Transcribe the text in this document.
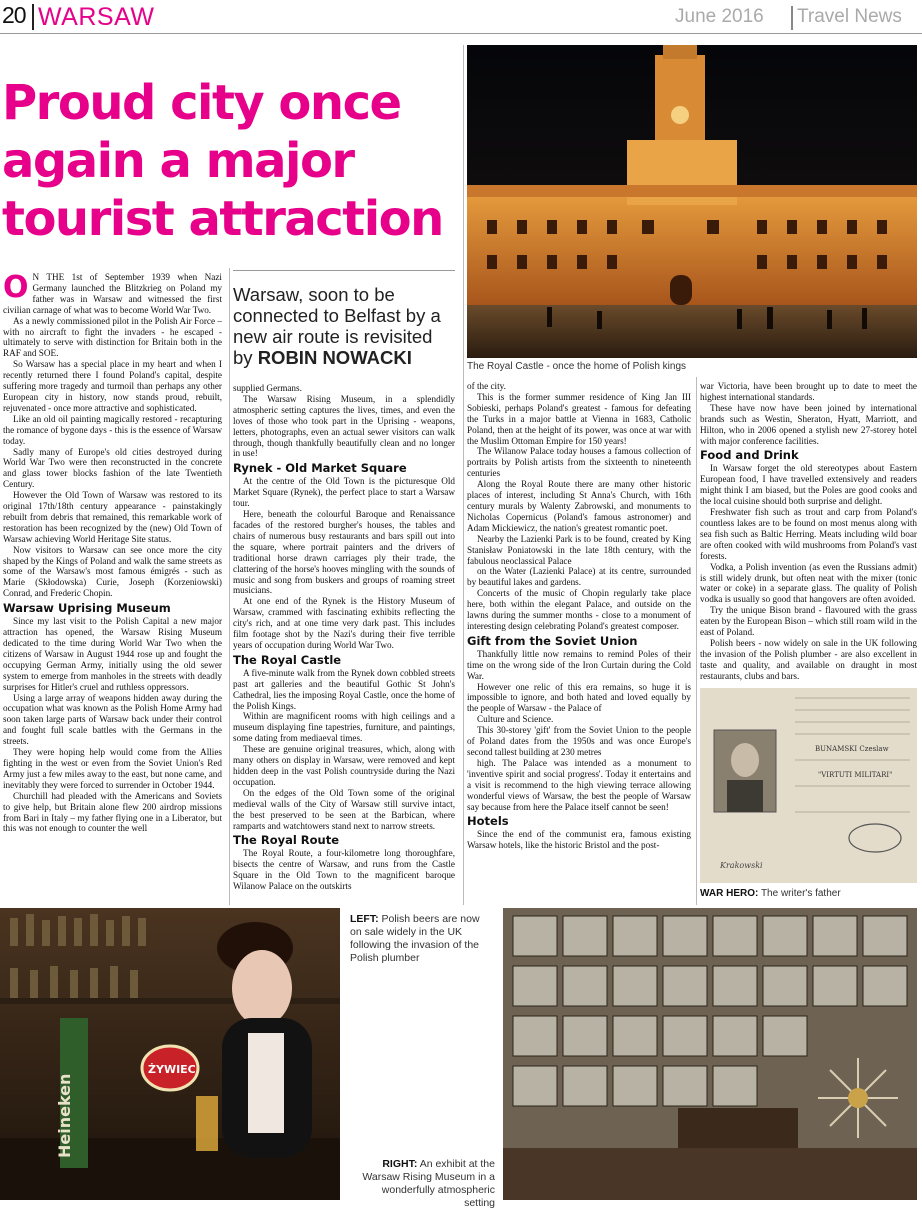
20 WARSAW	June 2016 Travel News
Proud city once again a major tourist attraction
The Royal Castle - once the home of Polish kings
Warsaw, soon to be connected to Belfast by a new air route is revisited by ROBIN NOWACKI

O N THE 1st of September 1939 when Nazi Germany launched the Blitzkrieg on Poland my father was in Warsaw and witnessed the first civilian carnage of what was to become World War Two.

As a newly commissioned pilot in the Polish Air Force – with no aircraft to fight the invaders - he escaped - ultimately to serve with distinction for Britain both in the RAF and SOE.

So Warsaw has a special place in my heart and when I recently returned there I found Poland's capital, despite suffering more tragedy and turmoil than perhaps any other European city in history, now stands proud, rebuilt, rejuvenated - once more attractive and sophisticated.

Like an old oil painting magically restored - recapturing the romance of bygone days - this is the essence of Warsaw today.

Sadly many of Europe's old cities destroyed during World War Two were then reconstructed in the concrete and glass tower blocks fashion of the late Twentieth Century.

However the Old Town of Warsaw was restored to its original 17th/18th century appearance - painstakingly rebuilt from debris that remained, this remarkable work of restoration has been recognized by the (new) Old Town of Warsaw achieving World Heritage Site status.

Now visitors to Warsaw can see once more the city shaped by the Kings of Poland and walk the same streets as some of the Warsaw's most famous émigrés - such as Marie (Skłodowska) Curie, Joseph (Korzeniowski) Conrad, and Frederic Chopin.

Warsaw Uprising Museum

Since my last visit to the Polish Capital a new major attraction has opened, the Warsaw Rising Museum dedicated to the time during World War Two when the citizens of Warsaw in August 1944 rose up and fought the occupying German Army, initially using the old sewer system to emerge from manholes in the streets with deadly surprises for Hitler's cruel and ruthless oppressors.

Using a large array of weapons hidden away during the occupation what was known as the Polish Home Army had soon taken large parts of Warsaw back under their control and fought full scale battles with the Germans in the streets.

They were hoping help would come from the Allies fighting in the west or even from the Soviet Union's Red Army just a few miles away to the east, but none came, and inevitably they were forced to surrender in October 1944.

Churchill had pleaded with the Americans and Soviets to give help, but Britain alone flew 200 airdrop missions from Bari in Italy – my father flying one in a Liberator, but this was not enough to counter the well

supplied Germans.

The Warsaw Rising Museum, in a splendidly atmospheric setting captures the lives, times, and even the loves of those who took part in the Uprising - weapons, letters, photographs, even an actual sewer visitors can walk through, though thankfully beautifully clean and no longer in use!

Rynek - Old Market Square

At the centre of the Old Town is the picturesque Old Market Square (Rynek), the perfect place to start a Warsaw tour.

Here, beneath the colourful Baroque and Renaissance facades of the restored burgher's houses, the tables and chairs of numerous busy restaurants and bars spill out into the square, where portrait painters and the drivers of traditional horse drawn carriages ply their trade, the clattering of the horse's hooves mingling with the sounds of music and song from buskers and groups of roaming street musicians.

At one end of the Rynek is the History Museum of Warsaw, crammed with fascinating exhibits reflecting the city's rich, and at one time very dark past. This includes film footage shot by the Nazi's during their five terrible years of occupation during World War Two.

The Royal Castle

A five-minute walk from the Rynek down cobbled streets past art galleries and the beautiful Gothic St John's Cathedral, lies the imposing Royal Castle, once the home of the Polish Kings.

Within are magnificent rooms with high ceilings and a museum displaying fine tapestries, furniture, and paintings, some dating from mediaeval times.

These are genuine original treasures, which, along with many others on display in Warsaw, were removed and kept hidden deep in the vast Polish countryside during the Nazi occupation.

On the edges of the Old Town some of the original medieval walls of the City of Warsaw still survive intact, the best preserved to be seen at the Barbican, where ramparts and watchtowers stand next to narrow streets.

The Royal Route

The Royal Route, a four-kilometre long thoroughfare, bisects the centre of Warsaw, and runs from the Castle Square in the Old Town to the magnificent baroque Wilanow Palace on the outskirts

of the city.

This is the former summer residence of King Jan III Sobieski, perhaps Poland's greatest - famous for defeating the Turks in a major battle at Vienna in 1683, Catholic Poland, then at the height of its power, was once at war with the Muslim Ottoman Empire for 150 years!

The Wilanow Palace today houses a famous collection of portraits by Polish artists from the sixteenth to nineteenth centuries

Along the Royal Route there are many other historic places of interest, including St Anna's Church, with 16th century murals by Walenty Zabrowski, and monuments to Nicholas Copernicus (Poland's famous astronomer) and Adam Mickiewicz, the nation's greatest romantic poet.

Nearby the Lazienki Park is to be found, created by King Stanisław Poniatowski in the late 18th century, with the fabulous neoclassical Palace

on the Water (Lazienki Palace) at its centre, surrounded by beautiful lakes and gardens.

Concerts of the music of Chopin regularly take place here, both within the elegant Palace, and outside on the lawns during the summer months - close to a monument of interesting design celebrating Poland's greatest composer.

Gift from the Soviet Union

Thankfully little now remains to remind Poles of their time on the wrong side of the Iron Curtain during the Cold War.

However one relic of this era remains, so huge it is impossible to ignore, and both hated and loved equally by the people of Warsaw - the Palace of

Culture and Science.

This 30-storey 'gift' from the Soviet Union to the people of Poland dates from the 1950s and was once Europe's second tallest building at 230 metres

high. The Palace was intended as a monument to 'inventive spirit and social progress'. Today it entertains and a visit is recommend to the high viewing terrace allowing wonderful views of Warsaw, the best the people of Warsaw say because from here the Palace itself cannot be seen!

Hotels

Since the end of the communist era, famous existing Warsaw hotels, like the historic Bristol and the post-

war Victoria, have been brought up to date to meet the highest international standards.

These have now have been joined by international brands such as Westin, Sheraton, Hyatt, Marriott, and Hilton, who in 2006 opened a stylish new 27-storey hotel with major conference facilities.

Food and Drink

In Warsaw forget the old stereotypes about Eastern European food, I have travelled extensively and readers might think I am biased, but the Poles are good cooks and the local cuisine should both surprise and delight.

Freshwater fish such as trout and carp from Poland's countless lakes are to be found on most menus along with sea fish such as Baltic Herring. Meats including wild boar are often cooked with wild mushrooms from Poland's vast forests.

Vodka, a Polish invention (as even the Russians admit) is still widely drunk, but often neat with the mixer (tonic water or coke) in a separate glass. The quality of Polish vodka is usually so good that hangovers are often avoided.

Try the unique Bison brand - flavoured with the grass eaten by the European Bison – which still roam wild in the east of Poland.

Polish beers - now widely on sale in the UK following the invasion of the Polish plumber - are also excellent in taste and quality, and available on draught in most restaurants, clubs and bars.

BUNAMSKI Czeslaw
"VIRTUTI MILITARI"
Krakowski
WAR HERO: The writer's father
Heineken
ŻYWIEC
LEFT: Polish beers are now on sale widely in the UK following the invasion of the Polish plumber
RIGHT: An exhibit at the Warsaw Rising Museum in a wonderfully atmospheric setting
